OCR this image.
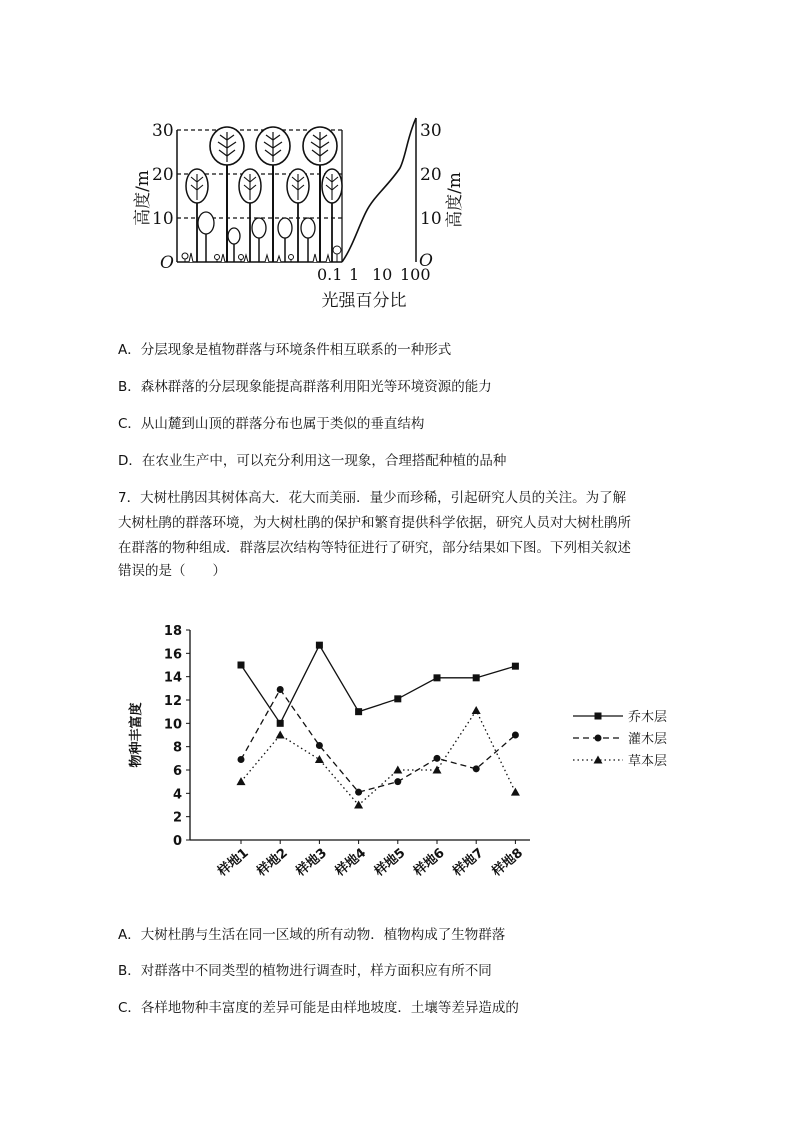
高度/m
30
20
10
O
30
20
10
O
0.1 1 10 100
光强百分比
高度/m
A．分层现象是植物群落与环境条件相互联系的一种形式
B．森林群落的分层现象能提高群落利用阳光等环境资源的能力
C．从山麓到山顶的群落分布也属于类似的垂直结构
D．在农业生产中，可以充分利用这一现象，合理搭配种植的品种
7．大树杜鹃因其树体高大．花大而美丽．量少而珍稀，引起研究人员的关注。为了解
大树杜鹃的群落环境，为大树杜鹃的保护和繁育提供科学依据，研究人员对大树杜鹃所
在群落的物种组成．群落层次结构等特征进行了研究，部分结果如下图。下列相关叙述
错误的是（　　）
0
2
4
6
8
10
12
14
16
18
物种丰富度
样地1 样地2 样地3 样地4 样地5 样地6 样地7 样地8
乔木层
灌木层
草本层
A．大树杜鹃与生活在同一区域的所有动物．植物构成了生物群落
B．对群落中不同类型的植物进行调查时，样方面积应有所不同
C．各样地物种丰富度的差异可能是由样地坡度．土壤等差异造成的
